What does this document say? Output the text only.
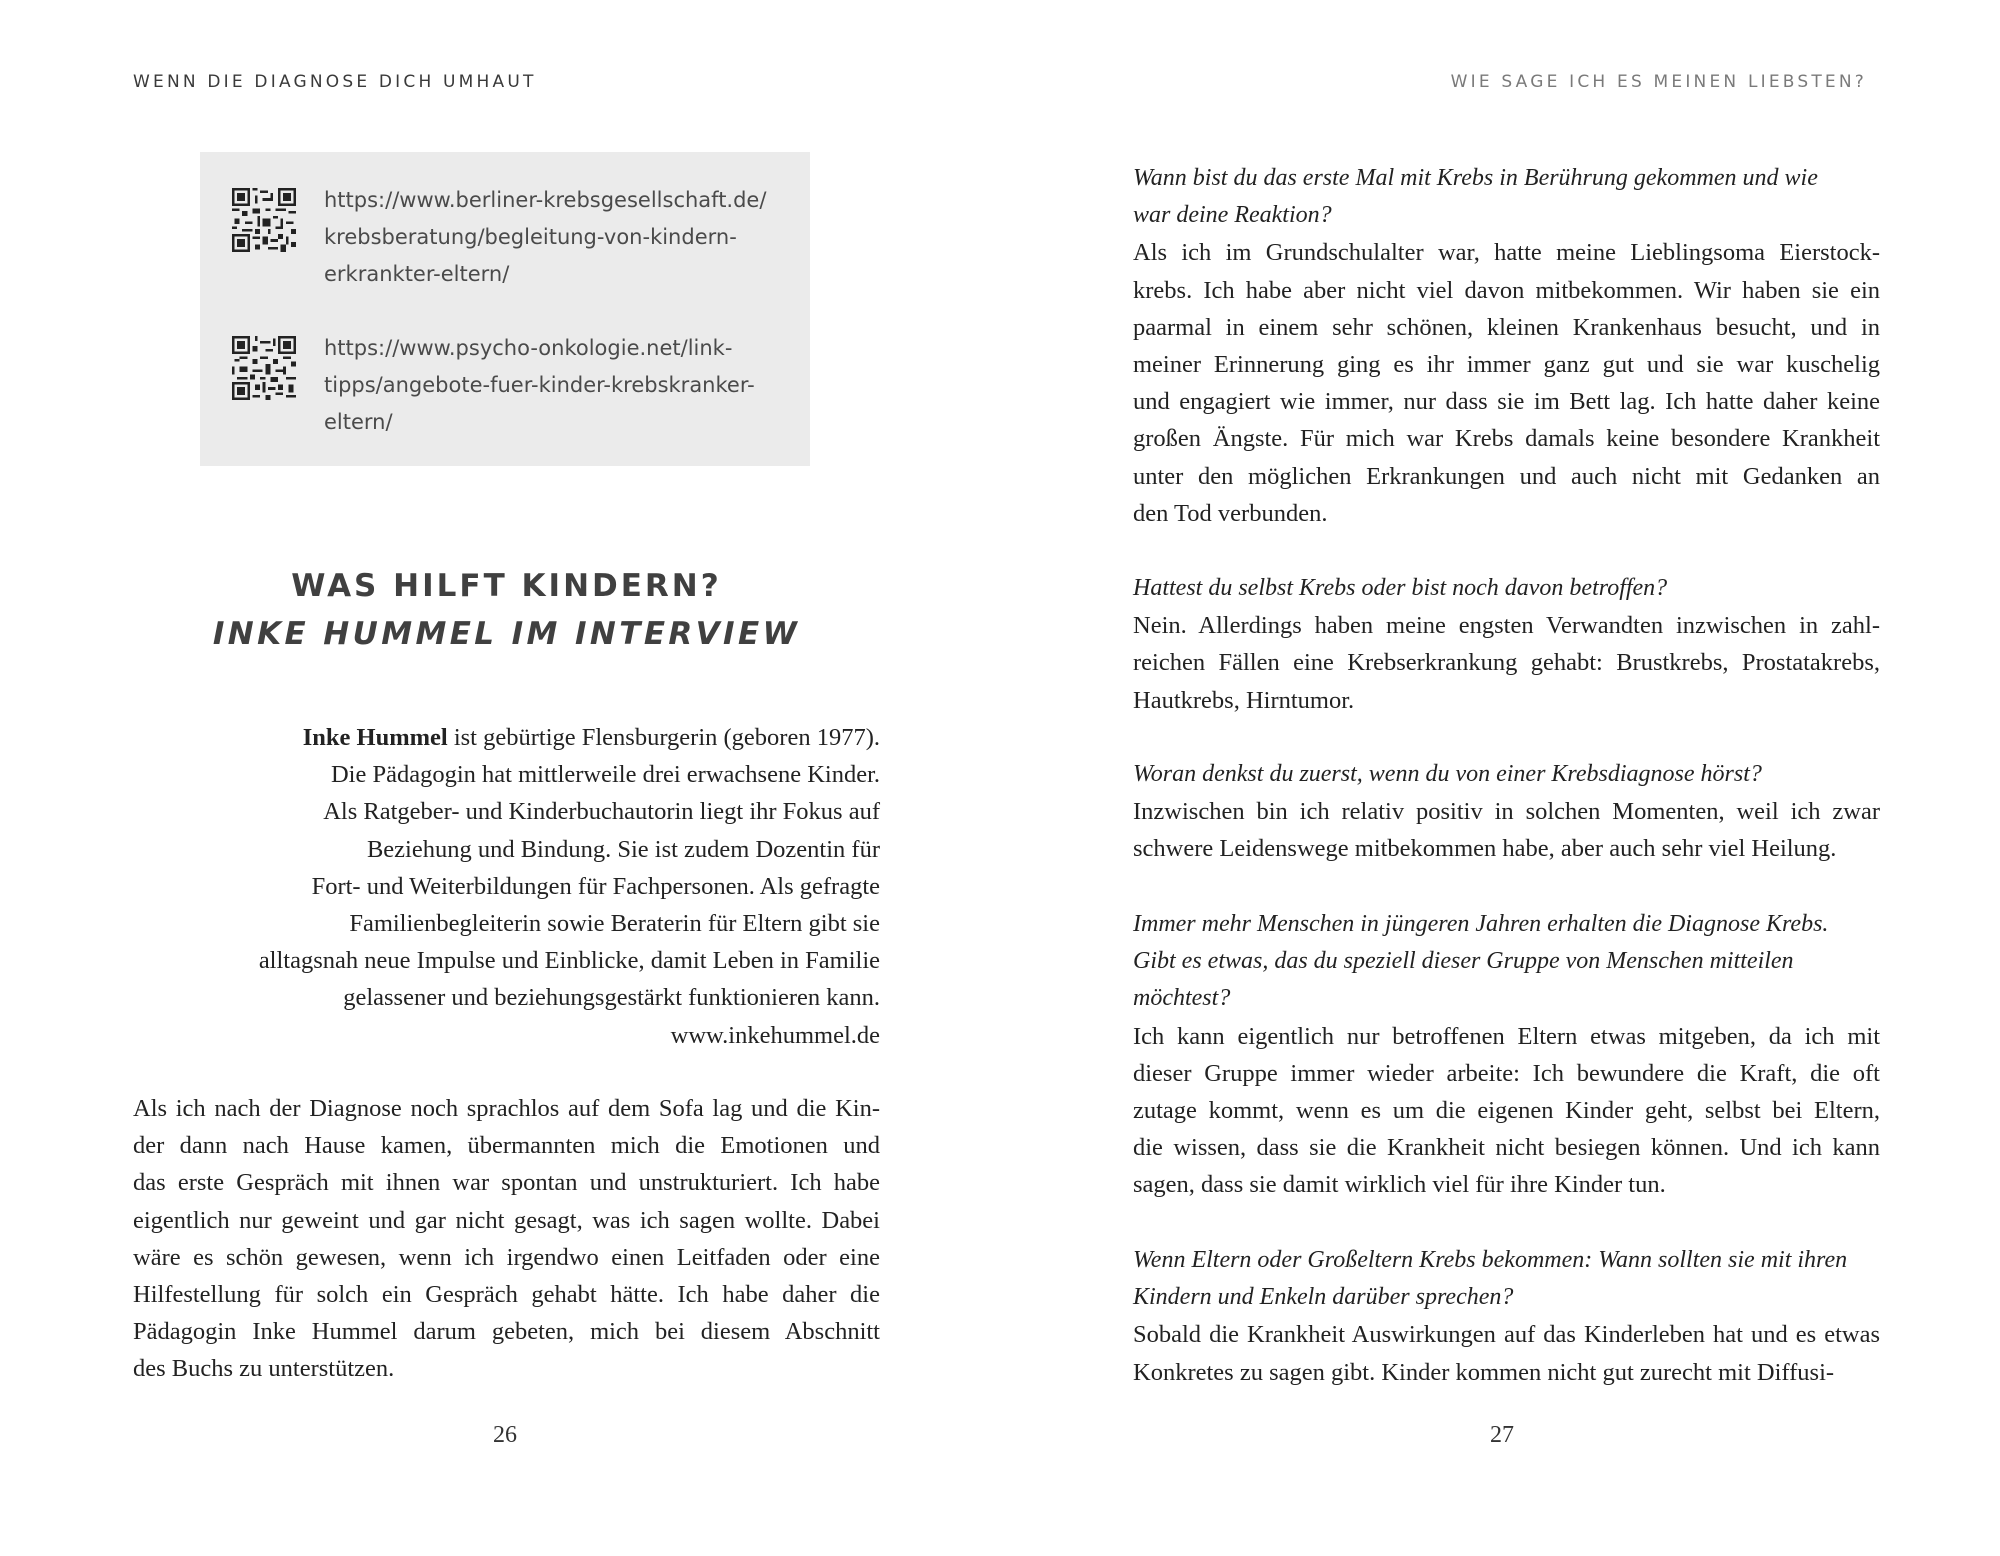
WENN DIE DIAGNOSE DICH UMHAUT
https://www.berliner-krebsgesellschaft.de/
krebsberatung/begleitung-von-kindern-
erkrankter-eltern/
https://www.psycho-onkologie.net/link-
tipps/angebote-fuer-kinder-krebskranker-
eltern/
WAS HILFT KINDERN?
INKE HUMMEL IM INTERVIEW
Inke Hummel ist gebürtige Flensburgerin (geboren 1977).
Die Pädagogin hat mittlerweile drei erwachsene Kinder.
Als Ratgeber- und Kinderbuchautorin liegt ihr Fokus auf
Beziehung und Bindung. Sie ist zudem Dozentin für
Fort- und Weiterbildungen für Fachpersonen. Als gefragte
Familienbegleiterin sowie Beraterin für Eltern gibt sie
alltagsnah neue Impulse und Einblicke, damit Leben in Familie
gelassener und beziehungsgestärkt funktionieren kann.
www.inkehummel.de
Als ich nach der Diagnose noch sprachlos auf dem Sofa lag und die Kin-
der dann nach Hause kamen, übermannten mich die Emotionen und
das erste Gespräch mit ihnen war spontan und unstrukturiert. Ich habe
eigentlich nur geweint und gar nicht gesagt, was ich sagen wollte. Dabei
wäre es schön gewesen, wenn ich irgendwo einen Leitfaden oder eine
Hilfestellung für solch ein Gespräch gehabt hätte. Ich habe daher die
Pädagogin Inke Hummel darum gebeten, mich bei diesem Abschnitt
des Buchs zu unterstützen.
26
WIE SAGE ICH ES MEINEN LIEBSTEN?
Wann bist du das erste Mal mit Krebs in Berührung gekommen und wie
war deine Reaktion?
Als ich im Grundschulalter war, hatte meine Lieblingsoma Eierstock-
krebs. Ich habe aber nicht viel davon mitbekommen. Wir haben sie ein
paarmal in einem sehr schönen, kleinen Krankenhaus besucht, und in
meiner Erinnerung ging es ihr immer ganz gut und sie war kuschelig
und engagiert wie immer, nur dass sie im Bett lag. Ich hatte daher keine
großen Ängste. Für mich war Krebs damals keine besondere Krankheit
unter den möglichen Erkrankungen und auch nicht mit Gedanken an
den Tod verbunden.
Hattest du selbst Krebs oder bist noch davon betroffen?
Nein. Allerdings haben meine engsten Verwandten inzwischen in zahl-
reichen Fällen eine Krebserkrankung gehabt: Brustkrebs, Prostatakrebs,
Hautkrebs, Hirntumor.
Woran denkst du zuerst, wenn du von einer Krebsdiagnose hörst?
Inzwischen bin ich relativ positiv in solchen Momenten, weil ich zwar
schwere Leidenswege mitbekommen habe, aber auch sehr viel Heilung.
Immer mehr Menschen in jüngeren Jahren erhalten die Diagnose Krebs.
Gibt es etwas, das du speziell dieser Gruppe von Menschen mitteilen
möchtest?
Ich kann eigentlich nur betroffenen Eltern etwas mitgeben, da ich mit
dieser Gruppe immer wieder arbeite: Ich bewundere die Kraft, die oft
zutage kommt, wenn es um die eigenen Kinder geht, selbst bei Eltern,
die wissen, dass sie die Krankheit nicht besiegen können. Und ich kann
sagen, dass sie damit wirklich viel für ihre Kinder tun.
Wenn Eltern oder Großeltern Krebs bekommen: Wann sollten sie mit ihren
Kindern und Enkeln darüber sprechen?
Sobald die Krankheit Auswirkungen auf das Kinderleben hat und es etwas
Konkretes zu sagen gibt. Kinder kommen nicht gut zurecht mit Diffusi-
27
